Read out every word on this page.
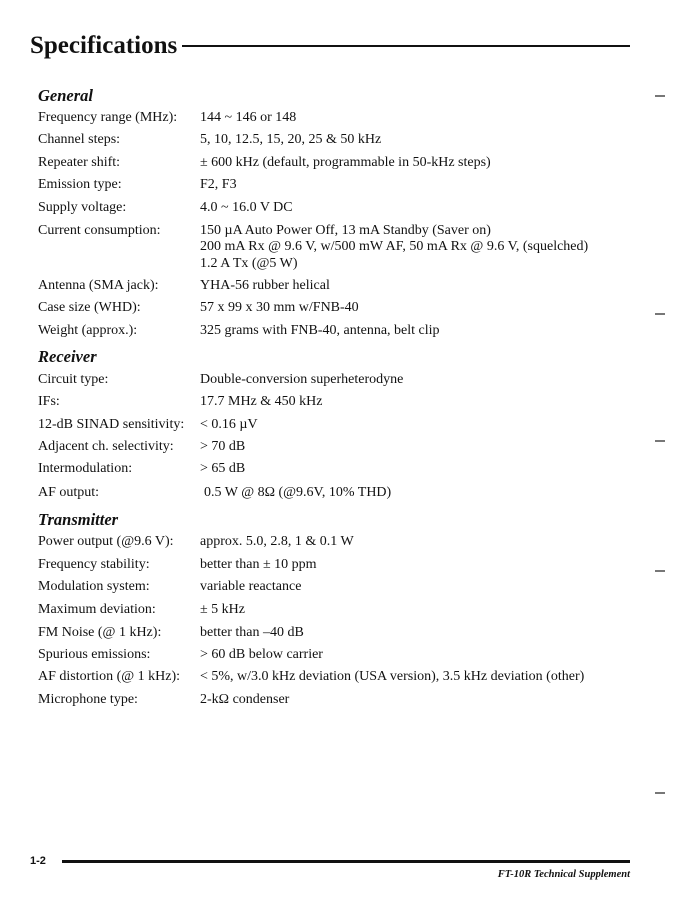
Specifications
General
Frequency range (MHz): 144 ~ 146 or 148
Channel steps:	5, 10, 12.5, 15, 20, 25 & 50 kHz
Repeater shift:	± 600 kHz (default, programmable in 50-kHz steps)
Emission type:	F2, F3
Supply voltage:	4.0 ~ 16.0 V DC
Current consumption:	150 µA Auto Power Off, 13 mA Standby (Saver on)
200 mA Rx @ 9.6 V, w/500 mW AF, 50 mA Rx @ 9.6 V, (squelched)
1.2 A Tx (@5 W)
Antenna (SMA jack):	YHA-56 rubber helical
Case size (WHD):	57 x 99 x 30 mm w/FNB-40
Weight (approx.):	325 grams with FNB-40, antenna, belt clip
Receiver
Circuit type:	Double-conversion superheterodyne
IFs:	17.7 MHz & 450 kHz
12-dB SINAD sensitivity: < 0.16 µV
Adjacent ch. selectivity: > 70 dB
Intermodulation:	> 65 dB
AF output:	0.5 W @ 8Ω (@9.6V, 10% THD)
Transmitter
Power output (@9.6 V): approx. 5.0, 2.8, 1 & 0.1 W
Frequency stability:	better than ± 10 ppm
Modulation system:	variable reactance
Maximum deviation:	± 5 kHz
FM Noise (@ 1 kHz):	better than –40 dB
Spurious emissions:	> 60 dB below carrier
AF distortion (@ 1 kHz): < 5%, w/3.0 kHz deviation (USA version), 3.5 kHz deviation (other)
Microphone type:	2-kΩ condenser
1-2
FT-10R Technical Supplement
